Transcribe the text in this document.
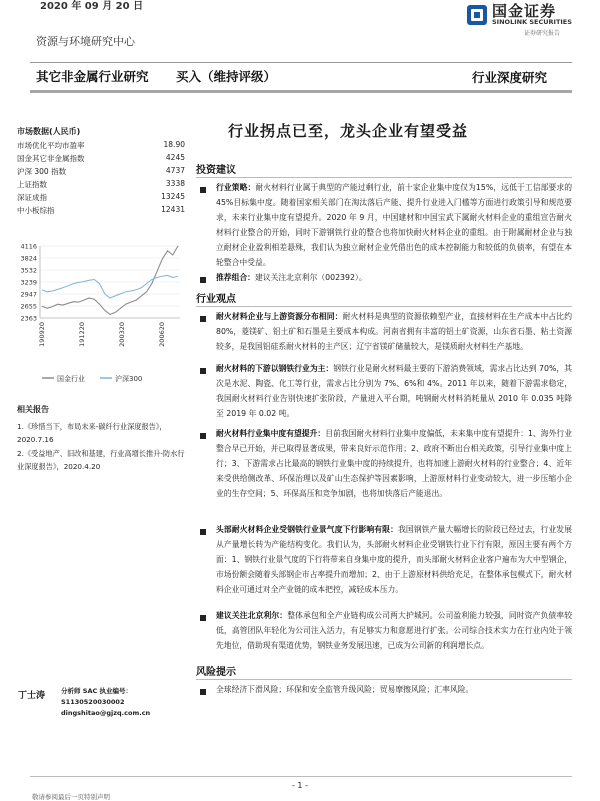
2020 年 09 月 20 日	国金证券
SINOLINK SECURITIES
证券研究报告
资源与环境研究中心
其它非金属行业研究 买入（维持评级）	行业深度研究
市场数据(人民币)
市场优化平均市盈率	18.90
国金其它非金属指数	4245
沪深 300 指数	4737
上证指数	3338
深证成指	13245
中小板综指	12431
4116
3824
3532
3239
2947
2655
2363
190920	191220	200320	200620
国金行业	沪深300
相关报告
1.《珍惜当下，布局未来-碳纤行业深度报告》，2020.7.16
2.《受益地产、旧改和基建，行业高增长推升-防水行业深度报告》，2020.4.20
丁士涛 分析师 SAC 执业编号：S1130520030002
dingshitao@gjzq.com.cn
行业拐点已至，龙头企业有望受益
投资建议
行业策略：耐火材料行业属于典型的产能过剩行业，前十家企业集中度仅为15%，远低于工信部要求的45%目标集中度。随着国家相关部门在淘汰落后产能、提升行业进入门槛等方面进行政策引导和规范要求，未来行业集中度有望提升。2020 年 9 月，中国建材和中国宝武下属耐火材料企业的重组宣告耐火材料行业整合的开始，同时下游钢铁行业的整合也将加快耐火材料企业的重组。由于附属耐材企业与独立耐材企业盈利相差悬殊，我们认为独立耐材企业凭借出色的成本控制能力和较低的负债率，有望在本轮整合中受益。
推荐组合：建议关注北京利尔（002392）。
行业观点
耐火材料企业与上游资源分布相同：耐火材料是典型的资源依赖型产业，直接材料在生产成本中占比约 80%，菱镁矿、铝土矿和石墨是主要成本构成。河南省拥有丰富的铝土矿资源，山东省石墨、粘土资源较多，是我国铝硅系耐火材料的主产区；辽宁省镁矿储量较大，是镁质耐火材料生产基地。
耐火材料的下游以钢铁行业为主：钢铁行业是耐火材料最主要的下游消费领域，需求占比达到 70%，其次是水泥、陶瓷、化工等行业，需求占比分别为 7%、6%和 4%。2011 年以来，随着下游需求稳定，我国耐火材料行业告别快速扩张阶段，产量进入平台期，吨钢耐火材料消耗量从 2010 年 0.035 吨降至 2019 年 0.02 吨。
耐火材料行业集中度有望提升：目前我国耐火材料行业集中度偏低，未来集中度有望提升：1、海外行业整合早已开始，并已取得显著成果，带来良好示范作用；2、政府不断出台相关政策，引导行业集中度上行；3、下游需求占比最高的钢铁行业集中度的持续提升，也将加速上游耐火材料的行业整合；4、近年来受供给侧改革、环保治理以及矿山生态保护等因素影响，上游原材料行业变动较大，进一步压缩小企业的生存空间；5、环保高压和竞争加剧，也将加快落后产能退出。
头部耐火材料企业受钢铁行业景气度下行影响有限：我国钢铁产量大幅增长的阶段已经过去，行业发展从产量增长转为产能结构变化。我们认为，头部耐火材料企业受钢铁行业下行有限，原因主要有两个方面：1、钢铁行业景气度的下行将带来自身集中度的提升，而头部耐火材料企业客户遍布为大中型钢企，市场份额会随着头部钢企市占率提升而增加；2、由于上游原材料供给充足，在整体承包模式下，耐火材料企业可通过对全产业链的成本把控，减轻成本压力。
建议关注北京利尔：整体承包和全产业链构成公司两大护城河。公司盈利能力较强，同时资产负债率较低，高管团队年轻化为公司注入活力，有足够实力和意愿进行扩张。公司综合技术实力在行业内处于领先地位，借助现有渠道优势，钢铁业务发展迅速，已成为公司新的利润增长点。
风险提示
全球经济下滑风险；环保和安全监管升级风险；贸易摩擦风险；汇率风险。
- 1 -
敬请参阅最后一页特别声明
